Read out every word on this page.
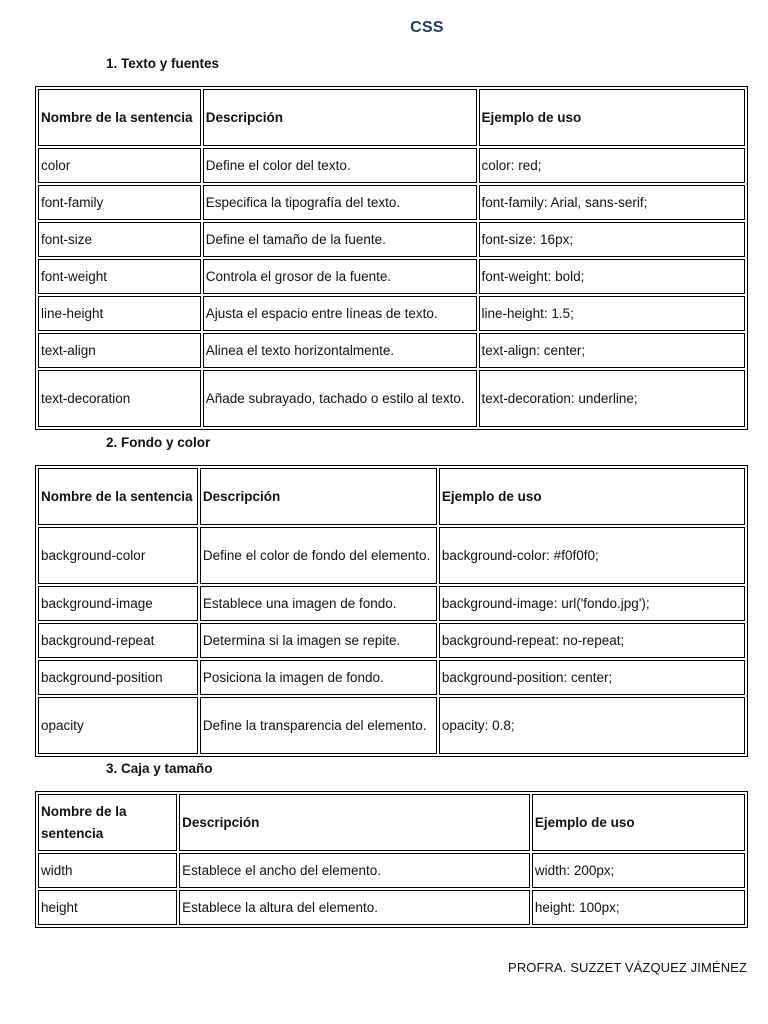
CSS
1. Texto y fuentes
Nombre de la sentencia	Descripción	Ejemplo de uso
color	Define el color del texto.	color: red;
font-family	Especifica la tipografía del texto.	font-family: Arial, sans-serif;
font-size	Define el tamaño de la fuente.	font-size: 16px;
font-weight	Controla el grosor de la fuente.	font-weight: bold;
line-height	Ajusta el espacio entre líneas de texto.	line-height: 1.5;
text-align	Alinea el texto horizontalmente.	text-align: center;
text-decoration	Añade subrayado, tachado o estilo al texto.	text-decoration: underline;
2. Fondo y color
Nombre de la sentencia	Descripción	Ejemplo de uso
background-color	Define el color de fondo del elemento.	background-color: #f0f0f0;
background-image	Establece una imagen de fondo.	background-image: url('fondo.jpg');
background-repeat	Determina si la imagen se repite.	background-repeat: no-repeat;
background-position	Posiciona la imagen de fondo.	background-position: center;
opacity	Define la transparencia del elemento.	opacity: 0.8;
3. Caja y tamaño
Nombre de la sentencia	Descripción	Ejemplo de uso
width	Establece el ancho del elemento.	width: 200px;
height	Establece la altura del elemento.	height: 100px;
PROFRA. SUZZET VÁZQUEZ JIMÉNEZ
